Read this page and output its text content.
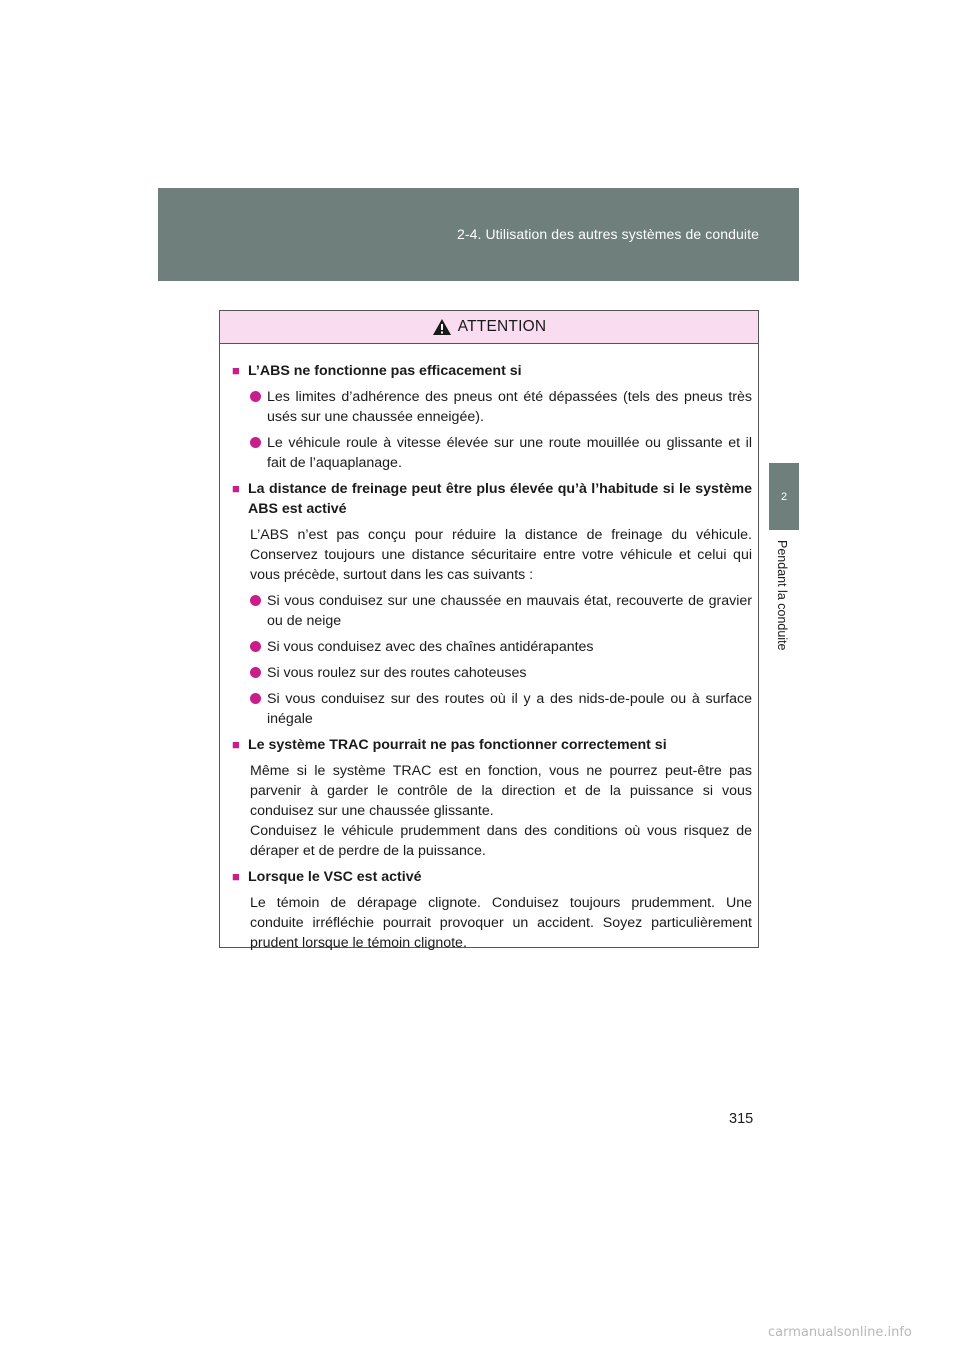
2-4. Utilisation des autres systèmes de conduite
2
Pendant la conduite
ATTENTION
■ L’ABS ne fonctionne pas efficacement si
Les limites d’adhérence des pneus ont été dépassées (tels des pneus très usés sur une chaussée enneigée).
Le véhicule roule à vitesse élevée sur une route mouillée ou glissante et il fait de l’aquaplanage.
■ La distance de freinage peut être plus élevée qu’à l’habitude si le système ABS est activé
L’ABS n’est pas conçu pour réduire la distance de freinage du véhicule. Conservez toujours une distance sécuritaire entre votre véhicule et celui qui vous précède, surtout dans les cas suivants :
Si vous conduisez sur une chaussée en mauvais état, recouverte de gravier ou de neige
Si vous conduisez avec des chaînes antidérapantes
Si vous roulez sur des routes cahoteuses
Si vous conduisez sur des routes où il y a des nids-de-poule ou à surface inégale
■ Le système TRAC pourrait ne pas fonctionner correctement si
Même si le système TRAC est en fonction, vous ne pourrez peut-être pas parvenir à garder le contrôle de la direction et de la puissance si vous conduisez sur une chaussée glissante.
Conduisez le véhicule prudemment dans des conditions où vous risquez de déraper et de perdre de la puissance.
■ Lorsque le VSC est activé
Le témoin de dérapage clignote. Conduisez toujours prudemment. Une conduite irréfléchie pourrait provoquer un accident. Soyez particulièrement prudent lorsque le témoin clignote.
315
carmanualsonline.info
